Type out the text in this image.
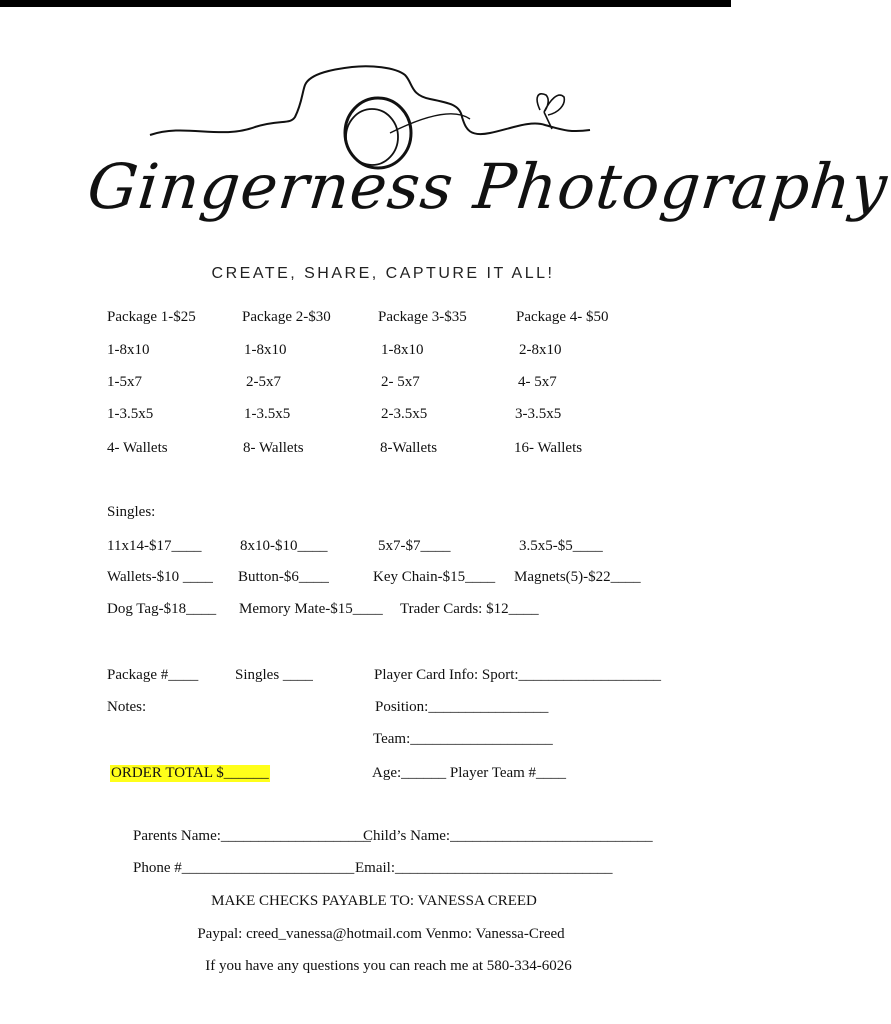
Gingerness Photography
CREATE, SHARE, CAPTURE IT ALL!
Package 1-$25	Package 2-$30	Package 3-$35	Package 4- $50
1-8x10	1-8x10	1-8x10	2-8x10
1-5x7	2-5x7	2- 5x7	4- 5x7
1-3.5x5	1-3.5x5	2-3.5x5	3-3.5x5
4- Wallets	8- Wallets	8-Wallets	16- Wallets
Singles:
11x14-$17____	8x10-$10____	5x7-$7____	3.5x5-$5____
Wallets-$10 ____ Button-$6____	Key Chain-$15____ Magnets(5)-$22____
Dog Tag-$18____ Memory Mate-$15____ Trader Cards: $12____
Package #____ Singles ____	Player Card Info: Sport:___________________
Notes:	Position:________________
Team:___________________
ORDER TOTAL $______	Age:______ Player Team #____
Parents Name:____________________
Child’s Name:___________________________
Phone #_______________________ Email:_____________________________
MAKE CHECKS PAYABLE TO: VANESSA CREED
Paypal: creed_vanessa@hotmail.com Venmo: Vanessa-Creed
If you have any questions you can reach me at 580-334-6026
